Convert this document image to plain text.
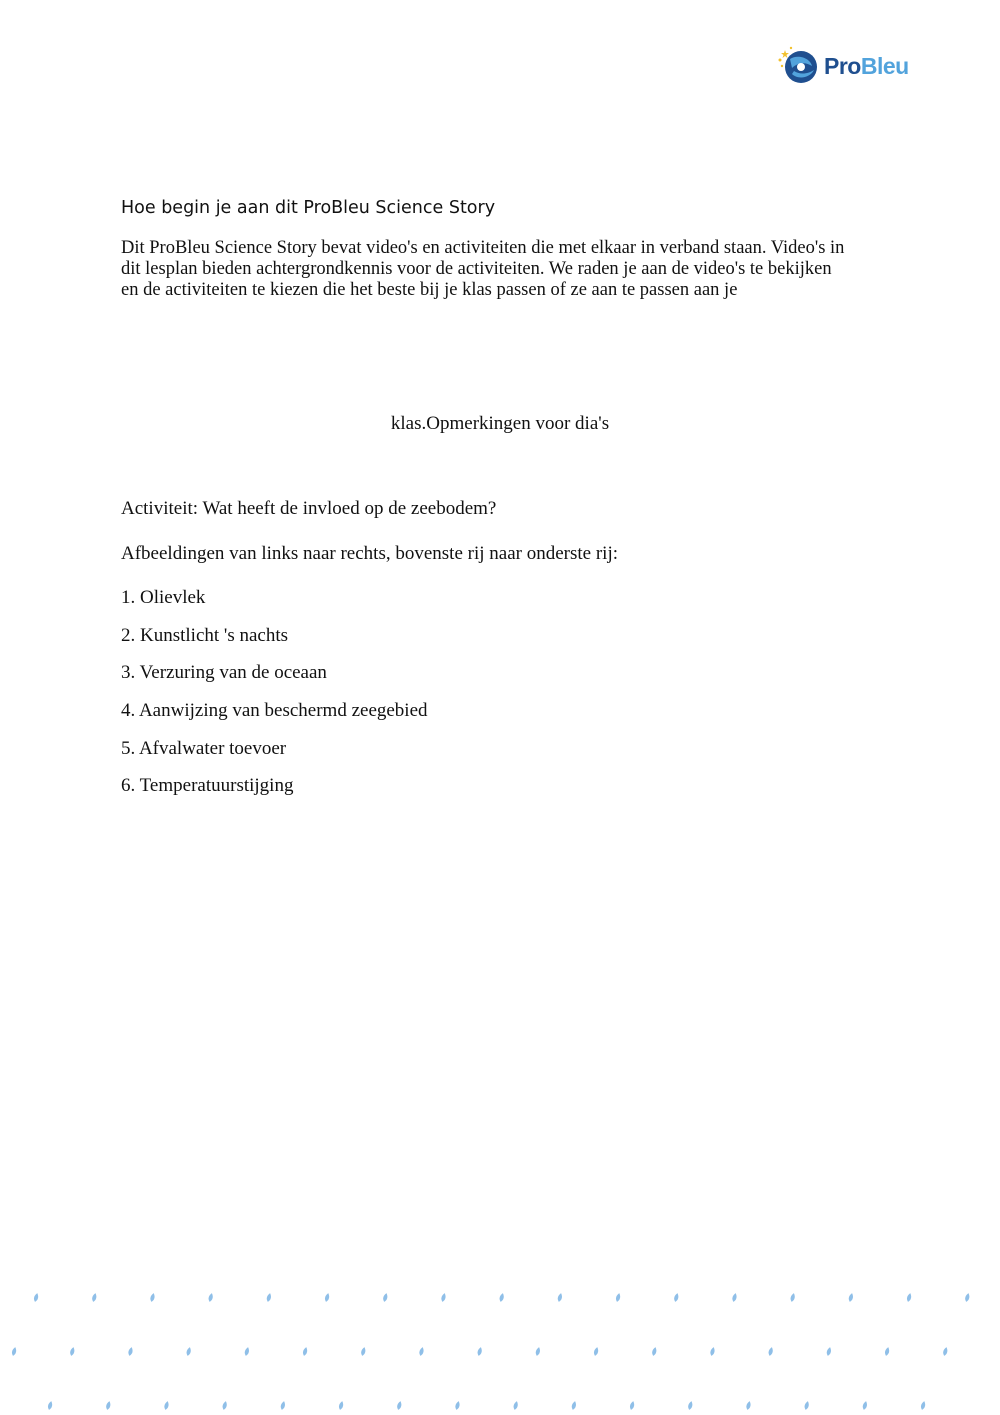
ProBleu
Hoe begin je aan dit ProBleu Science Story

Dit ProBleu Science Story bevat video's en activiteiten die met elkaar in verband staan. Video's in dit lesplan bieden achtergrondkennis voor de activiteiten. We raden je aan de video's te bekijken en de activiteiten te kiezen die het beste bij je klas passen of ze aan te passen aan je

klas.Opmerkingen voor dia's

Activiteit: Wat heeft de invloed op de zeebodem?

Afbeeldingen van links naar rechts, bovenste rij naar onderste rij:

1. Olievlek
2. Kunstlicht 's nachts
3. Verzuring van de oceaan
4. Aanwijzing van beschermd zeegebied
5. Afvalwater toevoer
6. Temperatuurstijging
